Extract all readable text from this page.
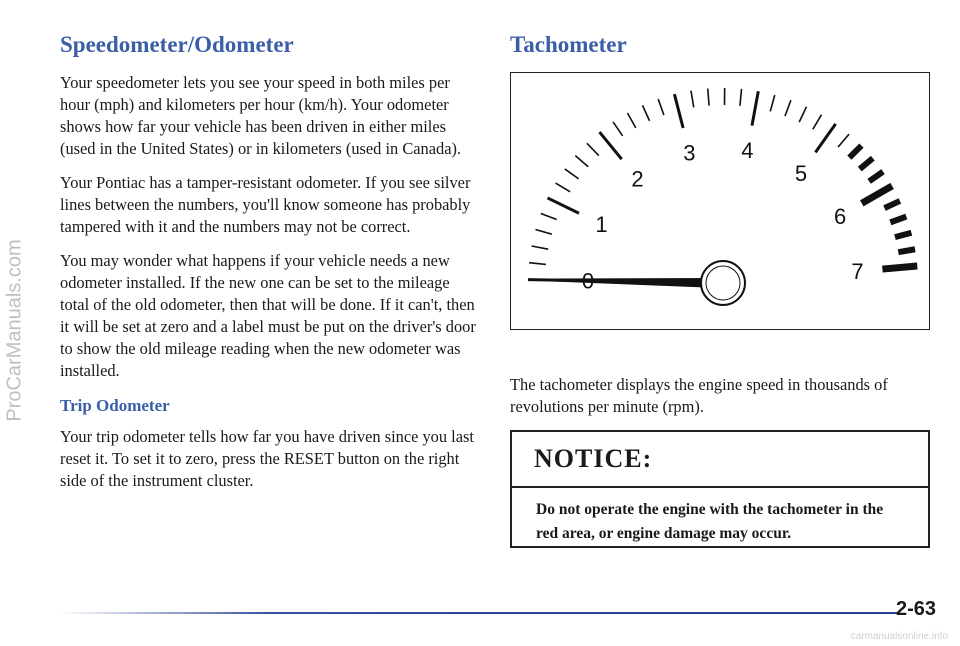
ProCarManuals.com
Speedometer/Odometer

Your speedometer lets you see your speed in both miles per hour (mph) and kilometers per hour (km/h). Your odometer shows how far your vehicle has been driven in either miles (used in the United States) or in kilometers (used in Canada).

Your Pontiac has a tamper-resistant odometer. If you see silver lines between the numbers, you'll know someone has probably tampered with it and the numbers may not be correct.

You may wonder what happens if your vehicle needs a new odometer installed. If the new one can be set to the mileage total of the old odometer, then that will be done. If it can't, then it will be set at zero and a label must be put on the driver's door to show the old mileage reading when the new odometer was installed.

Trip Odometer

Your trip odometer tells how far you have driven since you last reset it. To set it to zero, press the RESET button on the right side of the instrument cluster.

Tachometer
1
2
3 4
5
6
7

The tachometer displays the engine speed in thousands of revolutions per minute (rpm).

NOTICE:
Do not operate the engine with the tachometer in the red area, or engine damage may occur.
2-63
carmanualsonline.info
